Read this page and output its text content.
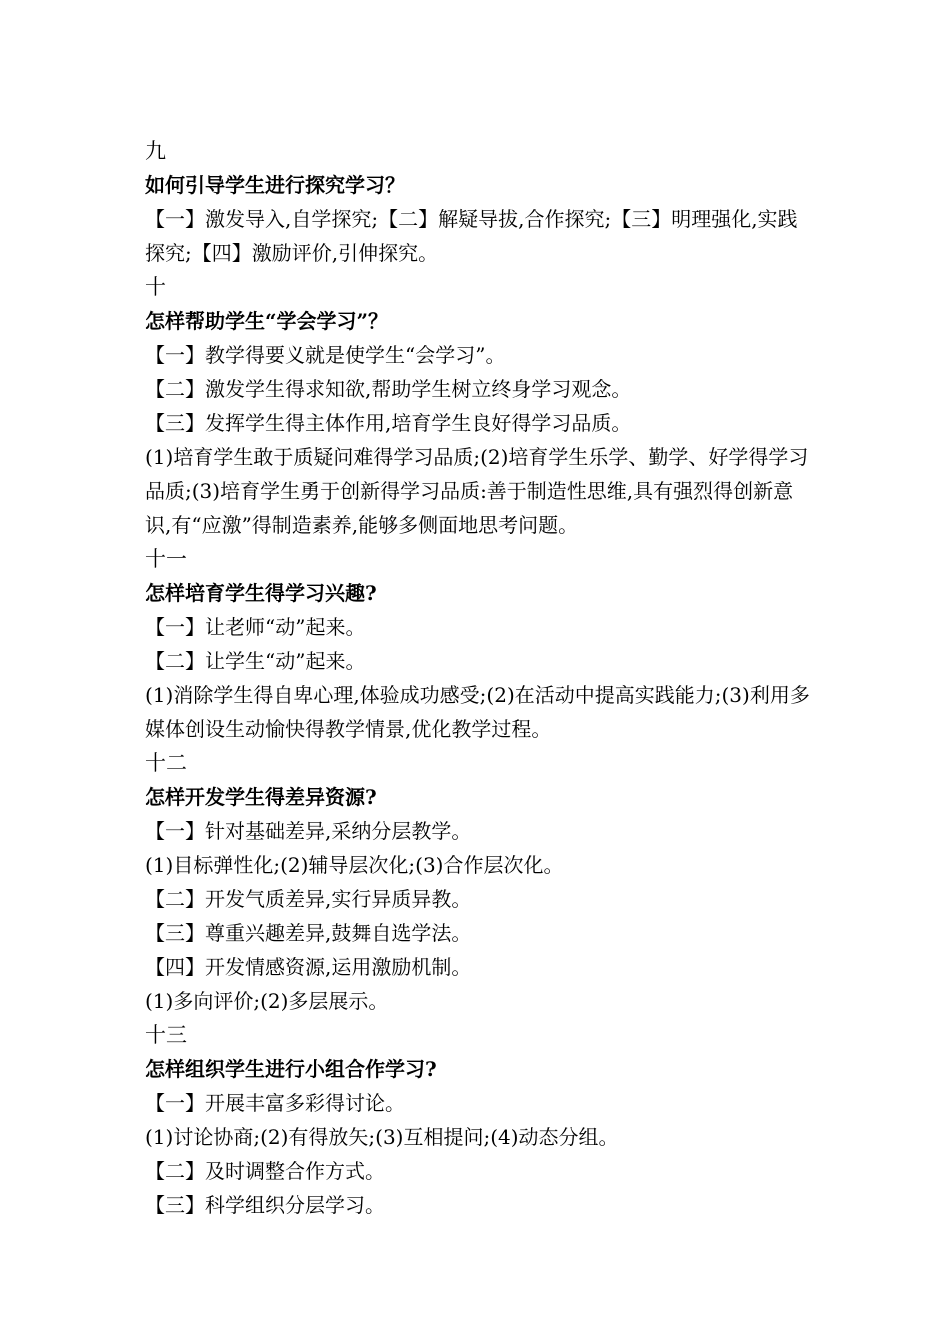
九
如何引导学生进行探究学习？

【一】激发导入,自学探究;【二】解疑导拔,合作探究;【三】明理强化,实践探究;【四】激励评价,引伸探究。

十
怎样帮助学生“学会学习”？

【一】教学得要义就是使学生“会学习”。

【二】激发学生得求知欲,帮助学生树立终身学习观念。

【三】发挥学生得主体作用,培育学生良好得学习品质。

(1)培育学生敢于质疑问难得学习品质;(2)培育学生乐学、勤学、好学得学习品质;(3)培育学生勇于创新得学习品质:善于制造性思维,具有强烈得创新意识,有“应激”得制造素养,能够多侧面地思考问题。

十一
怎样培育学生得学习兴趣?

【一】让老师“动”起来。

【二】让学生“动”起来。

(1)消除学生得自卑心理,体验成功感受;(2)在活动中提高实践能力;(3)利用多媒体创设生动愉快得教学情景,优化教学过程。

十二
怎样开发学生得差异资源?

【一】针对基础差异,采纳分层教学。

(1)目标弹性化;(2)辅导层次化;(3)合作层次化。

【二】开发气质差异,实行异质异教。

【三】尊重兴趣差异,鼓舞自选学法。

【四】开发情感资源,运用激励机制。

(1)多向评价;(2)多层展示。

十三
怎样组织学生进行小组合作学习?

【一】开展丰富多彩得讨论。

(1)讨论协商;(2)有得放矢;(3)互相提问;(4)动态分组。

【二】及时调整合作方式。

【三】科学组织分层学习。
